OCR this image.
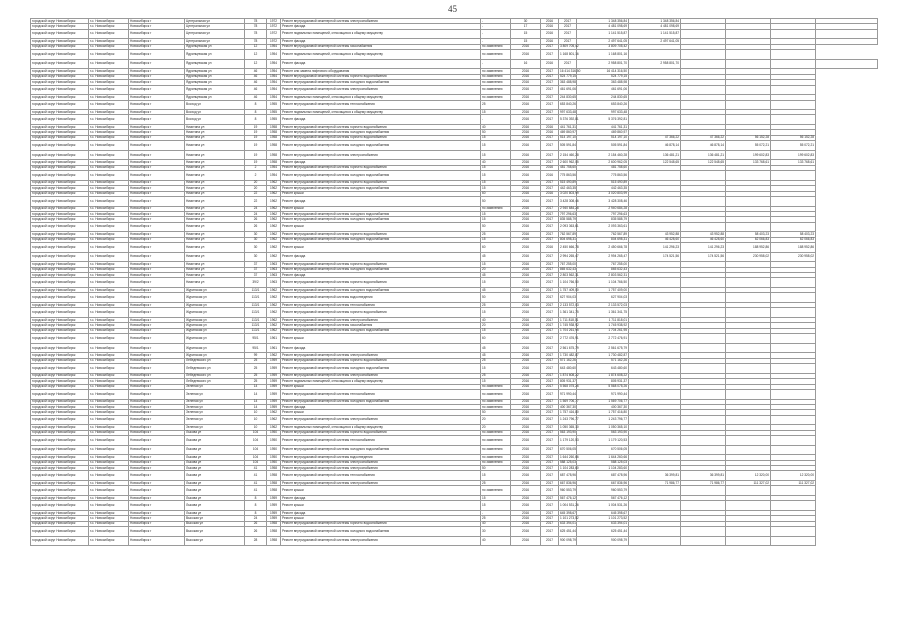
45
городской округ Новосибирск	г.о. Новосибирск	Новосибирск г	Центральная ул	78	1972	Ремонт внутридомовой инженерной системы электроснабжения	-	30	2016	2017	1 348 356,84	1 348 356,84				
городской округ Новосибирск	г.о. Новосибирск	Новосибирск г	Центральная ул	78	1972	Ремонт фасада	-	17	2016	2017	4 481 098,69	4 481 098,69				
городской округ Новосибирск	г.о. Новосибирск	Новосибирск г	Центральная ул	78	1972	Ремонт подвальных помещений, относящихся к общему имуществу	-	15	2016	2017	1 141 515,87	1 141 515,87				
городской округ Новосибирск	г.о. Новосибирск	Новосибирск г	Центральная ул	78	1972	Ремонт фасада	-	15	2016	2017	2 497 641,05	2 497 641,05				
городской округ Новосибирск	г.о. Новосибирск	Новосибирск г	Ядринцевская ул	12	1954	Ремонт внутридомовой инженерной системы газоснабжения	по заявлению	2016	2017	3 809 705,42	3 809 705,42					
городской округ Новосибирск	г.о. Новосибирск	Новосибирск г	Ядринцевская ул	12	1954	Ремонт подвальных помещений, относящихся к общему имуществу	по заявлению	2016	2017	1 168 801,16	1 168 801,16					
городской округ Новосибирск	г.о. Новосибирск	Новосибирск г	Ядринцевская ул	12	1954	Ремонт фасада	-	16	2016	2017	2 958 801,70	2 958 801,70				
городской округ Новосибирск	г.о. Новосибирск	Новосибирск г	Ядринцевская ул	46	1954	Ремонт или замена лифтового оборудования	по заявлению	2016	2017	16 414 316,50	16 414 316,50					
городской округ Новосибирск	г.о. Новосибирск	Новосибирск г	Ядринцевская ул	46	1954	Ремонт внутридомовой инженерной системы горячего водоснабжения	по заявлению	2016	2017	524 779,15	524 779,15					
городской округ Новосибирск	г.о. Новосибирск	Новосибирск г	Ядринцевская ул	46	1954	Ремонт внутридомовой инженерной системы холодного водоснабжения	по заявлению	2016	2017	363 488,98	363 488,98					
городской округ Новосибирск	г.о. Новосибирск	Новосибирск г	Ядринцевская ул	46	1954	Ремонт внутридомовой инженерной системы электроснабжения	по заявлению	2016	2017	461 691,06	461 691,06					
городской округ Новосибирск	г.о. Новосибирск	Новосибирск г	Ядринцевская ул	46	1954	Ремонт подвальных помещений, относящихся к общему имуществу	по заявлению	2016	2017	244 830,65	244 830,65					
городской округ Новосибирск	г.о. Новосибирск	Новосибирск г	Восход ул	8	1955	Ремонт внутридомовой инженерной системы теплоснабжения	25	2016	2017	653 840,26	653 840,26					
городской округ Новосибирск	г.о. Новосибирск	Новосибирск г	Восход ул	8	1955	Ремонт подвальных помещений, относящихся к общему имуществу	15	2016	2017	997 633,48	997 633,48					
городской округ Новосибирск	г.о. Новосибирск	Новосибирск г	Восход ул	8	1955	Ремонт фасада	-	2016	2017	5 376 392,81	5 376 392,81					
городской округ Новосибирск	г.о. Новосибирск	Новосибирск г	Никитина ул	19	1958	Ремонт внутридомовой инженерной системы горячего водоснабжения	40	2016	2016	441 761,31	441 761,31					
городской округ Новосибирск	г.о. Новосибирск	Новосибирск г	Никитина ул	19	1958	Ремонт внутридомовой инженерной системы холодного водоснабжения	50	2016	2016	469 860,97	469 860,97					
городской округ Новосибирск	г.о. Новосибирск	Новосибирск г	Никитина ул	19	1958	Ремонт внутридомовой инженерной системы горячего водоснабжения	15	2016	2017	514 197,10	514 197,10	47 366,22	47 366,22	56 152,28	56 152,28	
городской округ Новосибирск	г.о. Новосибирск	Новосибирск г	Никитина ул	19	1958	Ремонт внутридомовой инженерной системы холодного водоснабжения	15	2016	2017	505 591,84	505 591,84	46 878,14	46 878,14	55 072,21	55 072,21	
городской округ Новосибирск	г.о. Новосибирск	Новосибирск г	Никитина ул	19	1958	Ремонт внутридомовой инженерной системы электроснабжения	15	2016	2017	2 154 460,28	2 154 460,28	136 481,21	136 481,21	199 602,83	199 602,83	
городской округ Новосибирск	г.о. Новосибирск	Новосибирск г	Никитина ул	19	1958	Ремонт фасада	40	2016	2017	2 600 962,05	2 600 962,05	122 548,65	122 548,65	133 768,61	133 768,61	
городской округ Новосибирск	г.о. Новосибирск	Новосибирск г	Никитина ул	2	1954	Ремонт внутридомовой инженерной системы горячего водоснабжения	15	2016	2016	481 758,60	481 758,60					
городской округ Новосибирск	г.о. Новосибирск	Новосибирск г	Никитина ул	2	1954	Ремонт внутридомовой инженерной системы холодного водоснабжения	15	2016	2016	775 863,56	775 863,56					
городской округ Новосибирск	г.о. Новосибирск	Новосибирск г	Никитина ул	20	1962	Ремонт внутридомовой инженерной системы горячего водоснабжения	15	2016	2017	515 490,89	515 490,89					
городской округ Новосибирск	г.о. Новосибирск	Новосибирск г	Никитина ул	20	1962	Ремонт внутридомовой инженерной системы холодного водоснабжения	15	2016	2017	442 463,35	442 463,35					
городской округ Новосибирск	г.о. Новосибирск	Новосибирск г	Никитина ул	22	1962	Ремонт крыши	60	2016	2016	3 020 803,99	3 020 803,99					
городской округ Новосибирск	г.о. Новосибирск	Новосибирск г	Никитина ул	22	1962	Ремонт фасада	50	2016	2017	3 428 308,46	3 428 308,46					
городской округ Новосибирск	г.о. Новосибирск	Новосибирск г	Никитина ул	24	1962	Ремонт крыши	по заявлению	2016	2017	2 940 684,28	2 940 684,28					
городской округ Новосибирск	г.о. Новосибирск	Новосибирск г	Никитина ул	24	1962	Ремонт внутридомовой инженерной системы холодного водоснабжения	15	2016	2017	797 296,63	797 296,63					
городской округ Новосибирск	г.о. Новосибирск	Новосибирск г	Никитина ул	26	1962	Ремонт внутридомовой инженерной системы холодного водоснабжения	15	2016	2017	835 588,79	835 588,79					
городской округ Новосибирск	г.о. Новосибирск	Новосибирск г	Никитина ул	26	1962	Ремонт крыши	50	2016	2017	2 093 363,61	2 093 363,61					
городской округ Новосибирск	г.о. Новосибирск	Новосибирск г	Никитина ул	30	1962	Ремонт внутридомовой инженерной системы горячего водоснабжения	25	2016	2017	762 567,89	762 567,89	43 952,88	43 952,88	58 403,23	58 403,23	
городской округ Новосибирск	г.о. Новосибирск	Новосибирск г	Никитина ул	30	1962	Ремонт внутридомовой инженерной системы холодного водоснабжения	15	2016	2017	804 698,31	804 698,31	46 428,60	46 428,60	62 066,83	62 066,83	
городской округ Новосибирск	г.о. Новосибирск	Новосибирск г	Никитина ул	30	1962	Ремонт крыши	60	2016	2016	2 450 666,78	2 450 666,78	141 296,23	141 296,23	188 952,86	188 952,86	
городской округ Новосибирск	г.о. Новосибирск	Новосибирск г	Никитина ул	30	1962	Ремонт фасада	45	2016	2017	2 994 265,47	2 994 265,47	174 521,56	174 521,56	230 958,02	230 958,02	
городской округ Новосибирск	г.о. Новосибирск	Новосибирск г	Никитина ул	37	1963	Ремонт внутридомовой инженерной системы горячего водоснабжения	15	2016	2017	767 255,00	767 255,00					
городской округ Новосибирск	г.о. Новосибирск	Новосибирск г	Никитина ул	37	1963	Ремонт внутридомовой инженерной системы холодного водоснабжения	20	2016	2017	865 632,43	865 632,43					
городской округ Новосибирск	г.о. Новосибирск	Новосибирск г	Никитина ул	37	1963	Ремонт фасада	45	2016	2017	2 803 562,31	2 803 562,31					
городской округ Новосибирск	г.о. Новосибирск	Новосибирск г	Никитина ул	39/2	1963	Ремонт внутридомовой инженерной системы горячего водоснабжения	15	2016	2017	1 104 766,50	1 104 766,50					
городской округ Новосибирск	г.о. Новосибирск	Новосибирск г	Журинская ул	113/1	1962	Ремонт внутридомовой инженерной системы холодного водоснабжения	45	2016	2017	1 757 409,00	1 757 409,00					
городской округ Новосибирск	г.о. Новосибирск	Новосибирск г	Журинская ул	113/1	1962	Ремонт внутридомовой инженерной системы водоотведения	50	2016	2017	627 904,03	627 904,03					
городской округ Новосибирск	г.о. Новосибирск	Новосибирск г	Журинская ул	113/1	1962	Ремонт внутридомовой инженерной системы теплоснабжения	25	2016	2017	2 133 572,03	2 133 572,03					
городской округ Новосибирск	г.о. Новосибирск	Новосибирск г	Журинская ул	113/1	1962	Ремонт внутридомовой инженерной системы горячего водоснабжения	15	2016	2017	1 361 341,75	1 361 341,75					
городской округ Новосибирск	г.о. Новосибирск	Новосибирск г	Журинская ул	113/1	1962	Ремонт внутридомовой инженерной системы электроснабжения	40	2016	2017	1 711 818,01	1 711 818,01					
городской округ Новосибирск	г.о. Новосибирск	Новосибирск г	Журинская ул	113/1	1962	Ремонт внутридомовой инженерной системы газоснабжения	20	2016	2017	1 745 938,92	1 745 938,92					
городской округ Новосибирск	г.о. Новосибирск	Новосибирск г	Журинская ул	113/1	1962	Ремонт внутридомовой инженерной системы холодного водоснабжения	15	2016	2017	1 704 261,95	1 704 261,95					
городской округ Новосибирск	г.о. Новосибирск	Новосибирск г	Журинская ул	95/1	1961	Ремонт крыши	60	2016	2017	2 772 476,91	2 772 476,91					
городской округ Новосибирск	г.о. Новосибирск	Новосибирск г	Журинская ул	95/1	1961	Ремонт фасада	45	2016	2017	2 561 675,79	2 561 675,79					
городской округ Новосибирск	г.о. Новосибирск	Новосибирск г	Журинская ул	99	1962	Ремонт внутридомовой инженерной системы электроснабжения	45	2016	2017	1 730 482,87	1 730 482,87					
городской округ Новосибирск	г.о. Новосибирск	Новосибирск г	Лебедевского ул	25	1959	Ремонт внутридомовой инженерной системы горячего водоснабжения	25	2016	2017	571 162,26	571 162,26					
городской округ Новосибирск	г.о. Новосибирск	Новосибирск г	Лебедевского ул	25	1959	Ремонт внутридомовой инженерной системы холодного водоснабжения	15	2016	2017	643 480,60	643 480,60					
городской округ Новосибирск	г.о. Новосибирск	Новосибирск г	Лебедевского ул	25	1959	Ремонт внутридомовой инженерной системы электроснабжения	25	2016	2017	1 874 608,22	1 874 608,22					
городской округ Новосибирск	г.о. Новосибирск	Новосибирск г	Лебедевского ул	25	1959	Ремонт подвальных помещений, относящихся к общему имуществу	15	2016	2017	805 931,37	805 931,37					
городской округ Новосибирск	г.о. Новосибирск	Новосибирск г	Зеленая ул	14	1959	Ремонт крыши	по заявлению	2016	2017	5 568 075,26	5 568 075,26					
городской округ Новосибирск	г.о. Новосибирск	Новосибирск г	Зеленая ул	14	1959	Ремонт внутридомовой инженерной системы теплоснабжения	по заявлению	2016	2017	971 990,44	971 990,44					
городской округ Новосибирск	г.о. Новосибирск	Новосибирск г	Зеленая ул	14	1959	Ремонт внутридомовой инженерной системы холодного водоснабжения	по заявлению	2016	2017	1 569 706,77	1 569 706,77					
городской округ Новосибирск	г.о. Новосибирск	Новосибирск г	Зеленая ул	14	1959	Ремонт фасада	по заявлению	2016	2017	400 367,30	400 367,30					
городской округ Новосибирск	г.о. Новосибирск	Новосибирск г	Зеленая ул	10	1962	Ремонт крыши	50	2016	2017	1 757 416,80	1 757 416,80					
городской округ Новосибирск	г.о. Новосибирск	Новосибирск г	Зеленая ул	10	1962	Ремонт внутридомовой инженерной системы электроснабжения	20	2016	2017	1 243 796,77	1 243 796,77					
городской округ Новосибирск	г.о. Новосибирск	Новосибирск г	Зеленая ул	10	1962	Ремонт подвальных помещений, относящихся к общему имуществу	20	2016	2017	1 050 365,10	1 050 365,10					
городской округ Новосибирск	г.о. Новосибирск	Новосибирск г	Лыкова ул	104	1950	Ремонт внутридомовой инженерной системы горячего водоснабжения	по заявлению	2016	2017	563 193,90	563 193,90					
городской округ Новосибирск	г.о. Новосибирск	Новосибирск г	Лыкова ул	104	1950	Ремонт внутридомовой инженерной системы теплоснабжения	по заявлению	2016	2017	1 179 120,53	1 179 120,53					
городской округ Новосибирск	г.о. Новосибирск	Новосибирск г	Лыкова ул	104	1950	Ремонт внутридомовой инженерной системы холодного водоснабжения	по заявлению	2016	2017	670 506,05	670 506,05					
городской округ Новосибирск	г.о. Новосибирск	Новосибирск г	Лыкова ул	104	1950	Ремонт внутридомовой инженерной системы водоотведения	по заявлению	2016	2017	1 644 260,66	1 644 260,66					
городской округ Новосибирск	г.о. Новосибирск	Новосибирск г	Лыкова ул	104	1950	Ремонт внутридомовой инженерной системы электроснабжения	по заявлению	2016	2017	588 125,03	588 125,03					
городской округ Новосибирск	г.о. Новосибирск	Новосибирск г	Лыкова ул	41	1958	Ремонт внутридомовой инженерной системы электроснабжения	50	2016	2017	1 104 283,60	1 104 283,60					
городской округ Новосибирск	г.о. Новосибирск	Новосибирск г	Лыкова ул	41	1958	Ремонт внутридомовой инженерной системы теплоснабжения	15	2016	2017	687 478,96	687 478,96	36 399,81	36 399,81	12 320,00	12 320,00	
городской округ Новосибирск	г.о. Новосибирск	Новосибирск г	Лыкова ул	41	1958	Ремонт внутридомовой инженерной системы электроснабжения	25	2016	2017	667 836,96	667 836,96	71 986,77	71 986,77	111 327,02	111 327,02	
городской округ Новосибирск	г.о. Новосибирск	Новосибирск г	Лыкова ул	41	1958	Ремонт крыши	по заявлению	2016	2017	960 553,79	960 553,79					
городской округ Новосибирск	г.о. Новосибирск	Новосибирск г	Лыкова ул	8	1959	Ремонт фасада	15	2016	2017	567 476,12	567 476,12					
городской округ Новосибирск	г.о. Новосибирск	Новосибирск г	Лыкова ул	8	1959	Ремонт крыши	15	2016	2017	1 004 531,26	1 004 531,26					
городской округ Новосибирск	г.о. Новосибирск	Новосибирск г	Лыкова ул	8	1959	Ремонт фасада	-	2016	2017	645 398,67	645 398,67					
городской округ Новосибирск	г.о. Новосибирск	Новосибирск г	Высокая ул	24	1959	Ремонт крыши	25	2016	2017	1 101 273,52	1 101 273,52					
городской округ Новосибирск	г.о. Новосибирск	Новосибирск г	Высокая ул	26	1958	Ремонт внутридомовой инженерной системы горячего водоснабжения	40	2016	2017	633 394,01	633 394,01					
городской округ Новосибирск	г.о. Новосибирск	Новосибирск г	Высокая ул	26	1958	Ремонт внутридомовой инженерной системы холодного водоснабжения	30	2016	2017	625 451,44	625 451,44					
городской округ Новосибирск	г.о. Новосибирск	Новосибирск г	Высокая ул	28	1958	Ремонт внутридомовой инженерной системы электроснабжения	40	2016	2017	900 098,79	900 098,79					
